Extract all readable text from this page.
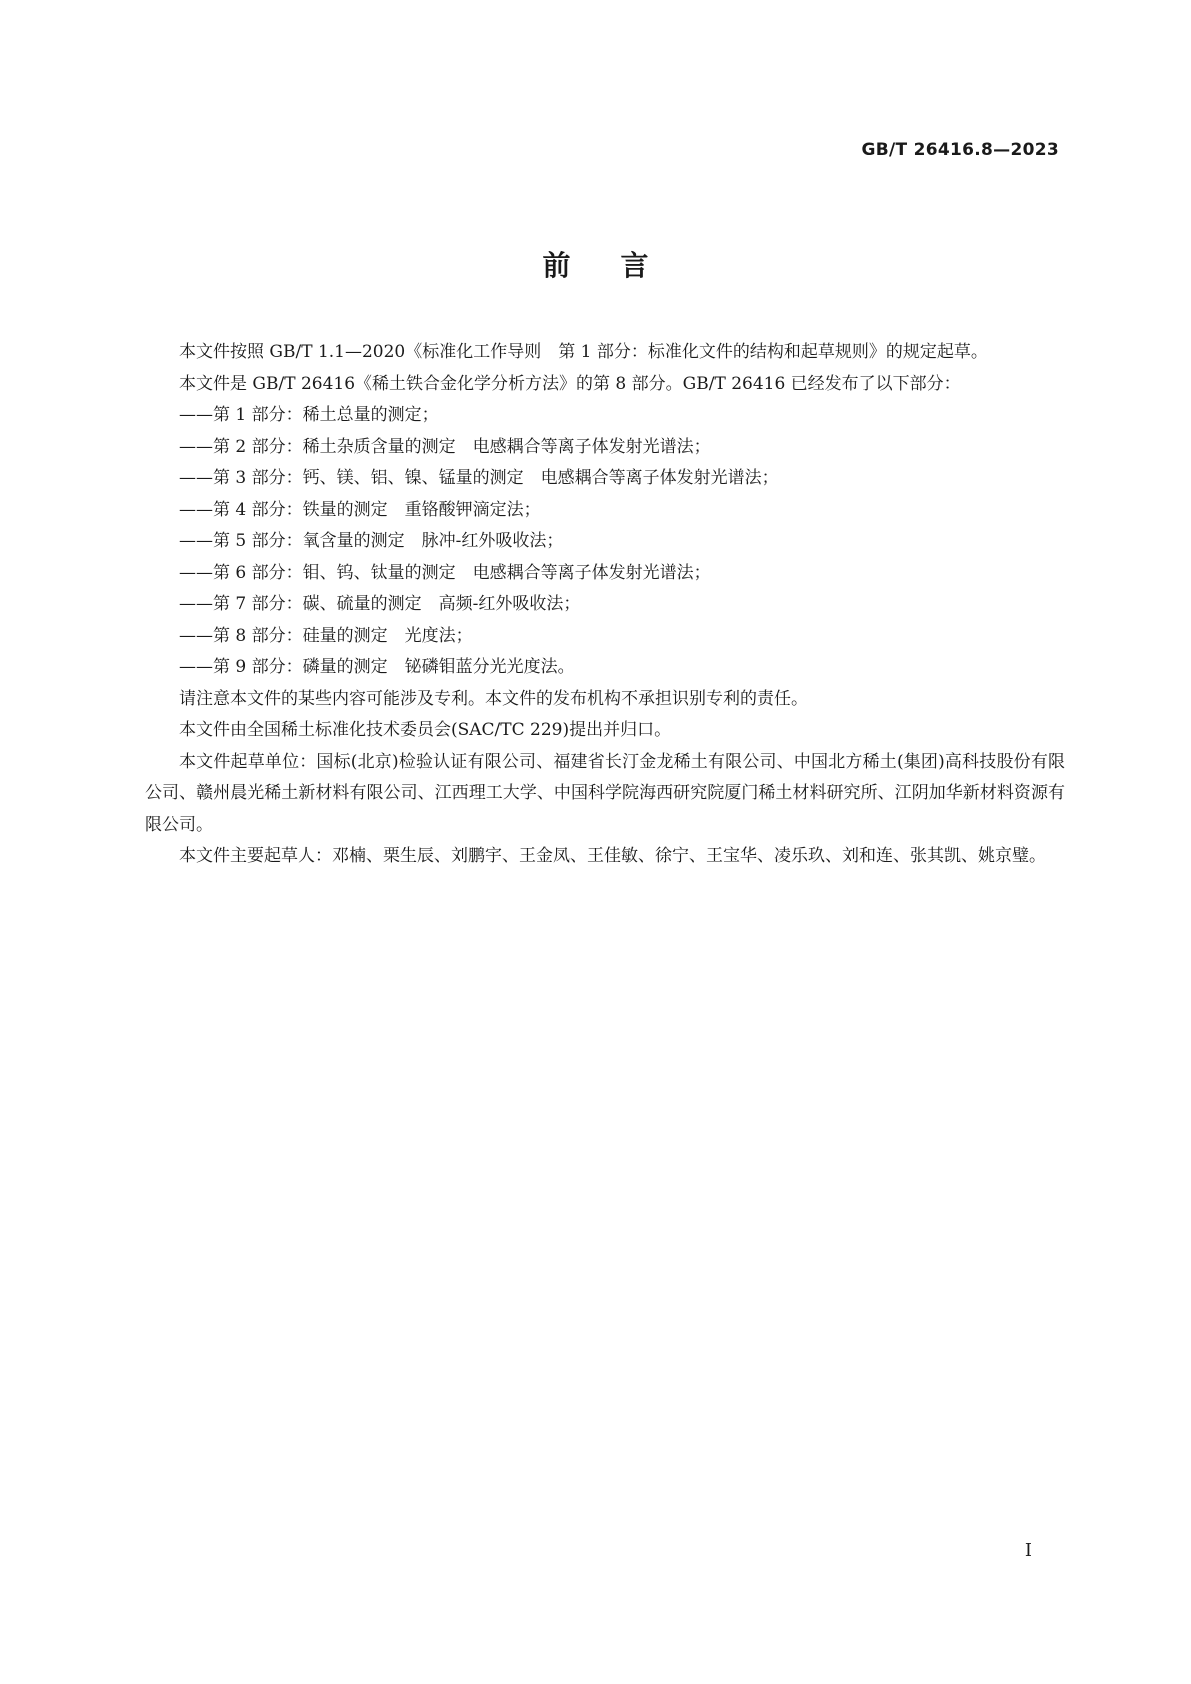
GB/T 26416.8—2023
前言

本文件按照 GB/T 1.1—2020《标准化工作导则　第 1 部分：标准化文件的结构和起草规则》的规定起草。

本文件是 GB/T 26416《稀土铁合金化学分析方法》的第 8 部分。GB/T 26416 已经发布了以下部分：

——第 1 部分：稀土总量的测定；

——第 2 部分：稀土杂质含量的测定　电感耦合等离子体发射光谱法；

——第 3 部分：钙、镁、铝、镍、锰量的测定　电感耦合等离子体发射光谱法；

——第 4 部分：铁量的测定　重铬酸钾滴定法；

——第 5 部分：氧含量的测定　脉冲-红外吸收法；

——第 6 部分：钼、钨、钛量的测定　电感耦合等离子体发射光谱法；

——第 7 部分：碳、硫量的测定　高频-红外吸收法；

——第 8 部分：硅量的测定　光度法；

——第 9 部分：磷量的测定　铋磷钼蓝分光光度法。

请注意本文件的某些内容可能涉及专利。本文件的发布机构不承担识别专利的责任。

本文件由全国稀土标准化技术委员会(SAC/TC 229)提出并归口。

本文件起草单位：国标(北京)检验认证有限公司、福建省长汀金龙稀土有限公司、中国北方稀土(集团)高科技股份有限公司、赣州晨光稀土新材料有限公司、江西理工大学、中国科学院海西研究院厦门稀土材料研究所、江阴加华新材料资源有限公司。

本文件主要起草人：邓楠、栗生辰、刘鹏宇、王金凤、王佳敏、徐宁、王宝华、凌乐玖、刘和连、张其凯、姚京璧。

I
